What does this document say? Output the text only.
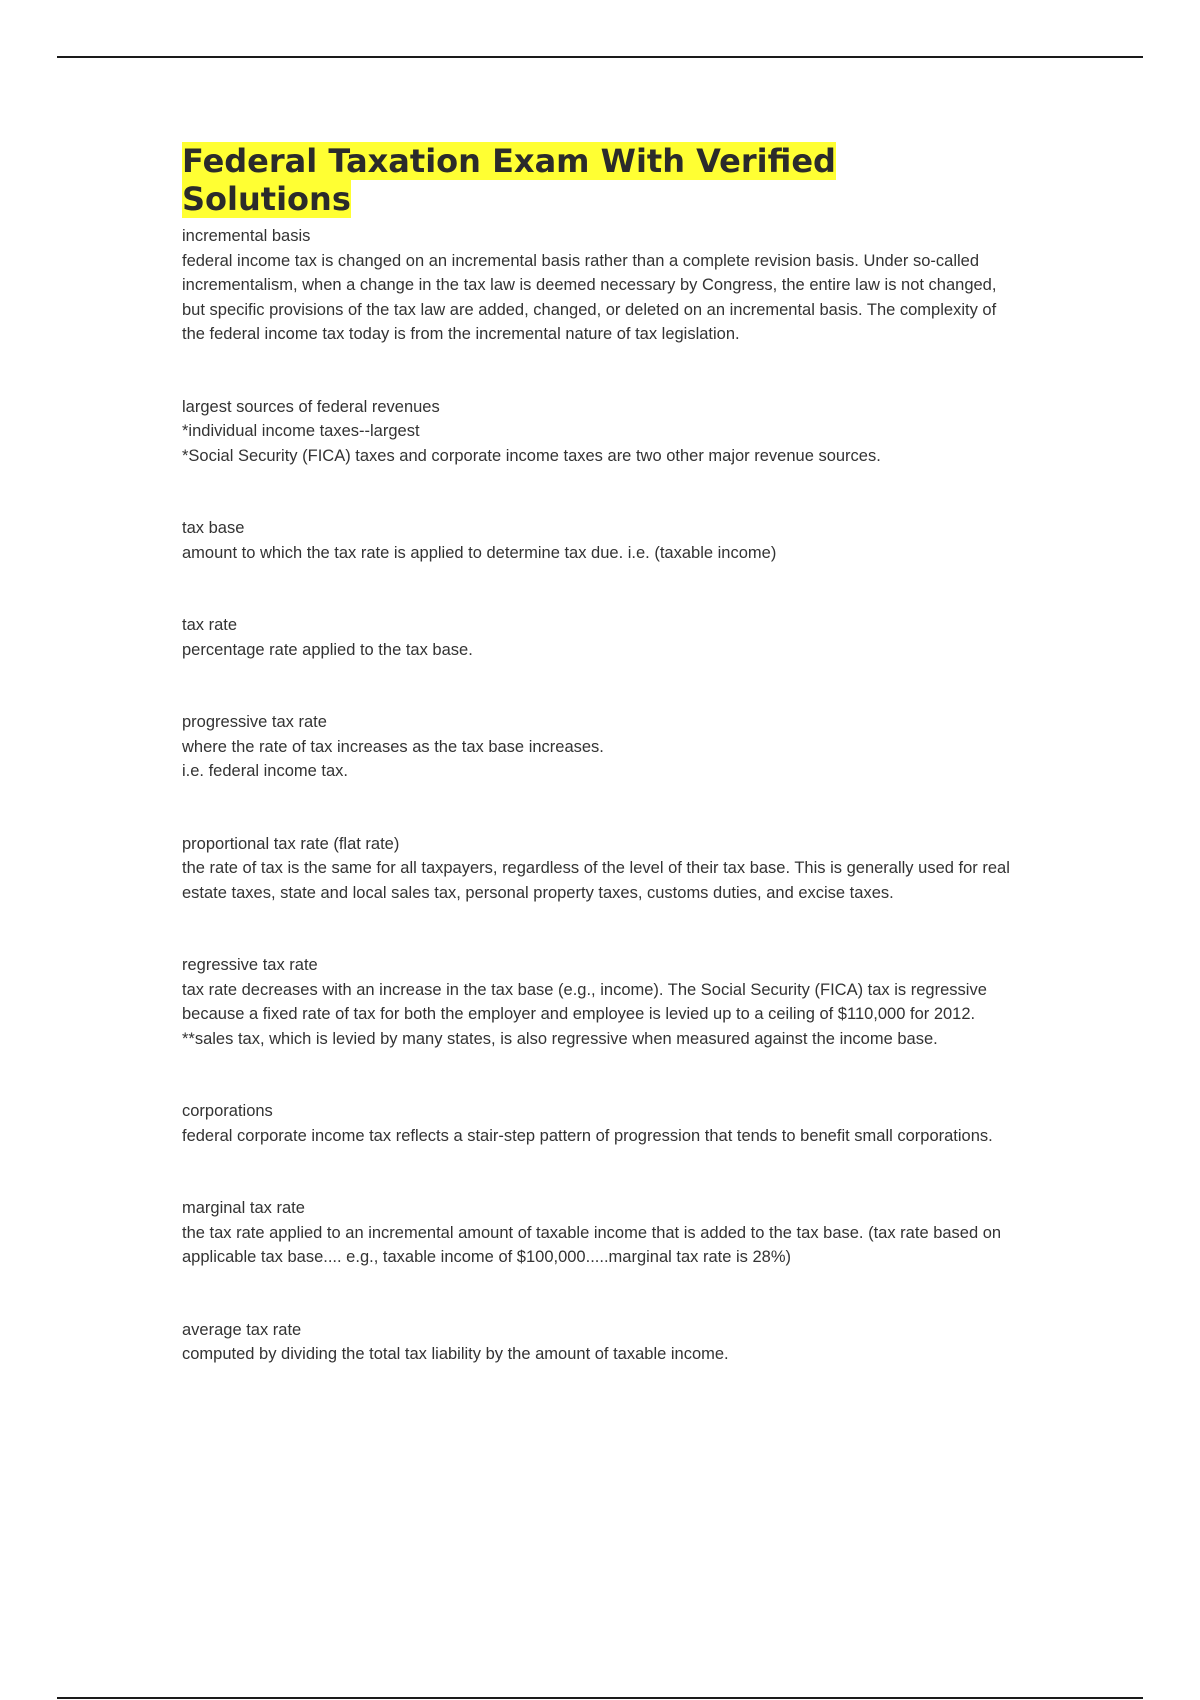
Federal Taxation Exam With Verified
Solutions

incremental basis

federal income tax is changed on an incremental basis rather than a complete revision basis. Under so-called incrementalism, when a change in the tax law is deemed necessary by Congress, the entire law is not changed, but specific provisions of the tax law are added, changed, or deleted on an incremental basis. The complexity of the federal income tax today is from the incremental nature of tax legislation.

largest sources of federal revenues

*individual income taxes--largest

*Social Security (FICA) taxes and corporate income taxes are two other major revenue sources.

tax base

amount to which the tax rate is applied to determine tax due. i.e. (taxable income)

tax rate

percentage rate applied to the tax base.

progressive tax rate

where the rate of tax increases as the tax base increases.

i.e. federal income tax.

proportional tax rate (flat rate)

the rate of tax is the same for all taxpayers, regardless of the level of their tax base. This is generally used for real estate taxes, state and local sales tax, personal property taxes, customs duties, and excise taxes.

regressive tax rate

tax rate decreases with an increase in the tax base (e.g., income). The Social Security (FICA) tax is regressive because a fixed rate of tax for both the employer and employee is levied up to a ceiling of $110,000 for 2012.

**sales tax, which is levied by many states, is also regressive when measured against the income base.

corporations

federal corporate income tax reflects a stair-step pattern of progression that tends to benefit small corporations.

marginal tax rate

the tax rate applied to an incremental amount of taxable income that is added to the tax base. (tax rate based on applicable tax base.... e.g., taxable income of $100,000.....marginal tax rate is 28%)

average tax rate

computed by dividing the total tax liability by the amount of taxable income.
